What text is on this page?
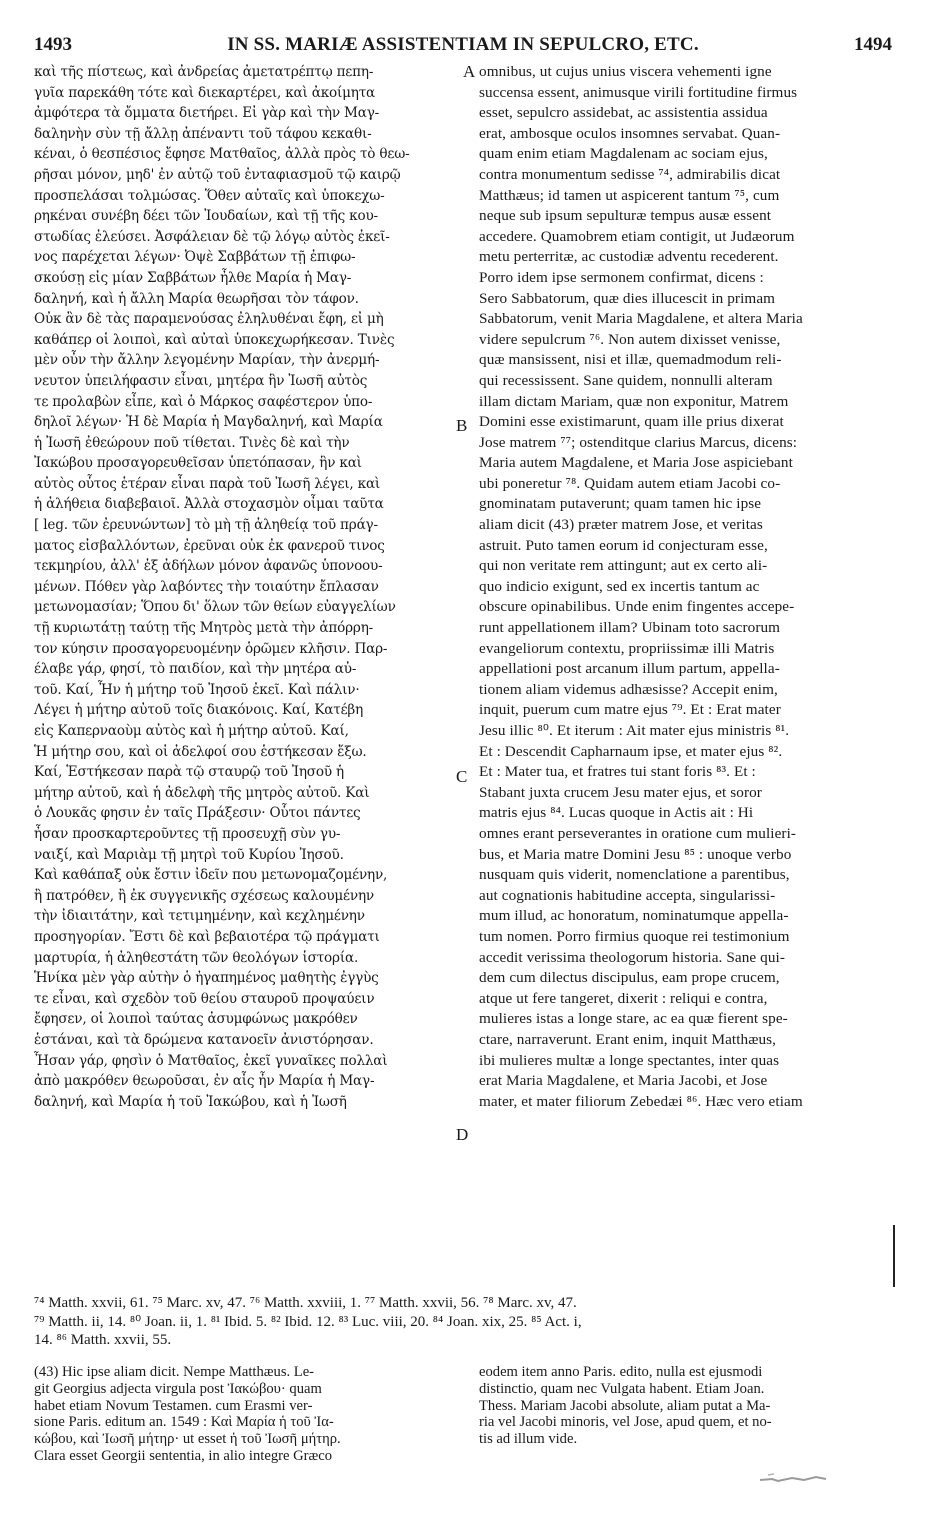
1493	IN SS. MARIÆ ASSISTENTIAM IN SEPULCRO, ETC.	1494
καὶ τῆς πίστεως, καὶ ἀνδρείας ἀμετατρέπτῳ πεπη-
γυῖα παρεκάθη τότε καὶ διεκαρτέρει, καὶ ἀκοίμητα
ἀμφότερα τὰ ὄμματα διετήρει. Εἰ γὰρ καὶ τὴν Μαγ-
δαληνὴν σὺν τῇ ἄλλῃ ἀπέναντι τοῦ τάφου κεκαθι-
κέναι, ὁ θεσπέσιος ἔφησε Ματθαῖος, ἀλλὰ πρὸς τὸ θεω-
ρῆσαι μόνον, μηδ' ἐν αὐτῷ τοῦ ἐνταφιασμοῦ τῷ καιρῷ
προσπελάσαι τολμώσας. Ὅθεν αὐταῖς καὶ ὑποκεχω-
ρηκέναι συνέβη δέει τῶν Ἰουδαίων, καὶ τῇ τῆς κου-
στωδίας ἐλεύσει. Ἀσφάλειαν δὲ τῷ λόγῳ αὐτὸς ἐκεῖ-
νος παρέχεται λέγων· Ὀψὲ Σαββάτων τῇ ἐπιφω-
σκούσῃ εἰς μίαν Σαββάτων ἦλθε Μαρία ἡ Μαγ-
δαληνή, καὶ ἡ ἄλλη Μαρία θεωρῆσαι τὸν τάφον.
Οὐκ ἂν δὲ τὰς παραμενούσας ἐληλυθέναι ἔφη, εἰ μὴ
καθάπερ οἱ λοιποὶ, καὶ αὐταὶ ὑποκεχωρήκεσαν. Τινὲς
μὲν οὖν τὴν ἄλλην λεγομένην Μαρίαν, τὴν ἀνερμή-
νευτον ὑπειλήφασιν εἶναι, μητέρα ἣν Ἰωσῆ αὐτὸς
τε προλαβὼν εἶπε, καὶ ὁ Μάρκος σαφέστερον ὑπο-
δηλοῖ λέγων· Ἡ δὲ Μαρία ἡ Μαγδαληνή, καὶ Μαρία
ἡ Ἰωσῆ ἐθεώρουν ποῦ τίθεται. Τινὲς δὲ καὶ τὴν
Ἰακώβου προσαγορευθεῖσαν ὑπετόπασαν, ἣν καὶ
αὐτὸς οὗτος ἑτέραν εἶναι παρὰ τοῦ Ἰωσῆ λέγει, καὶ
ἡ ἀλήθεια διαβεβαιοῖ. Ἀλλὰ στοχασμὸν οἶμαι ταῦτα
[ leg. τῶν ἐρευνώντων] τὸ μὴ τῇ ἀληθείᾳ τοῦ πράγ-
ματος εἰσβαλλόντων, ἐρεῦναι οὐκ ἐκ φανεροῦ τινος
τεκμηρίου, ἀλλ' ἐξ ἀδήλων μόνον ἀφανῶς ὑπονοου-
μένων. Πόθεν γὰρ λαβόντες τὴν τοιαύτην ἔπλασαν
μετωνομασίαν; Ὅπου δι' ὅλων τῶν θείων εὐαγγελίων
τῇ κυριωτάτῃ ταύτῃ τῆς Μητρὸς μετὰ τὴν ἀπόρρη-
τον κύησιν προσαγορευομένην ὁρῶμεν κλῆσιν. Παρ-
έλαβε γάρ, φησί, τὸ παιδίον, καὶ τὴν μητέρα αὐ-
τοῦ. Καί, Ἦν ἡ μήτηρ τοῦ Ἰησοῦ ἐκεῖ. Καὶ πάλιν·
Λέγει ἡ μήτηρ αὐτοῦ τοῖς διακόνοις. Καί, Κατέβη
εἰς Καπερναοὺμ αὐτὸς καὶ ἡ μήτηρ αὐτοῦ. Καί,
Ἡ μήτηρ σου, καὶ οἱ ἀδελφοί σου ἑστήκεσαν ἔξω.
Καί, Ἑστήκεσαν παρὰ τῷ σταυρῷ τοῦ Ἰησοῦ ἡ
μήτηρ αὐτοῦ, καὶ ἡ ἀδελφὴ τῆς μητρὸς αὐτοῦ. Καὶ
ὁ Λουκᾶς φησιν ἐν ταῖς Πράξεσιν· Οὗτοι πάντες
ἦσαν προσκαρτεροῦντες τῇ προσευχῇ σὺν γυ-
ναιξί, καὶ Μαριὰμ τῇ μητρὶ τοῦ Κυρίου Ἰησοῦ.
Καὶ καθάπαξ οὐκ ἔστιν ἰδεῖν που μετωνομαζομένην,
ἢ πατρόθεν, ἢ ἐκ συγγενικῆς σχέσεως καλουμένην
τὴν ἰδιαιτάτην, καὶ τετιμημένην, καὶ κεχλημένην
προσηγορίαν. Ἔστι δὲ καὶ βεβαιοτέρα τῷ πράγματι
μαρτυρία, ἡ ἀληθεστάτη τῶν θεολόγων ἱστορία.
Ἡνίκα μὲν γὰρ αὐτὴν ὁ ἠγαπημένος μαθητὴς ἐγγὺς
τε εἶναι, καὶ σχεδὸν τοῦ θείου σταυροῦ προψαύειν
ἔφησεν, οἱ λοιποὶ ταύτας ἀσυμφώνως μακρόθεν
ἑστάναι, καὶ τὰ δρώμενα κατανοεῖν ἀνιστόρησαν.
Ἦσαν γάρ, φησὶν ὁ Ματθαῖος, ἐκεῖ γυναῖκες πολλαὶ
ἀπὸ μακρόθεν θεωροῦσαι, ἐν αἷς ἦν Μαρία ἡ Μαγ-
δαληνή, καὶ Μαρία ἡ τοῦ Ἰακώβου, καὶ ἡ Ἰωσῆ
omnibus, ut cujus unius viscera vehementi igne
succensa essent, animusque virili fortitudine firmus
esset, sepulcro assidebat, ac assistentia assidua
erat, ambosque oculos insomnes servabat. Quan-
quam enim etiam Magdalenam ac sociam ejus,
contra monumentum sedisse ⁷⁴, admirabilis dicat
Matthæus; id tamen ut aspicerent tantum ⁷⁵, cum
neque sub ipsum sepulturæ tempus ausæ essent
accedere. Quamobrem etiam contigit, ut Judæorum
metu perterritæ, ac custodiæ adventu recederent.
Porro idem ipse sermonem confirmat, dicens :
Sero Sabbatorum, quæ dies illucescit in primam
Sabbatorum, venit Maria Magdalene, et altera Maria
videre sepulcrum ⁷⁶. Non autem dixisset venisse,
quæ mansissent, nisi et illæ, quemadmodum reli-
qui recessissent. Sane quidem, nonnulli alteram
illam dictam Mariam, quæ non exponitur, Matrem
Domini esse existimarunt, quam ille prius dixerat
Jose matrem ⁷⁷; ostenditque clarius Marcus, dicens:
Maria autem Magdalene, et Maria Jose aspiciebant
ubi poneretur ⁷⁸. Quidam autem etiam Jacobi co-
gnominatam putaverunt; quam tamen hic ipse
aliam dicit (43) præter matrem Jose, et veritas
astruit. Puto tamen eorum id conjecturam esse,
qui non veritate rem attingunt; aut ex certo ali-
quo indicio exigunt, sed ex incertis tantum ac
obscure opinabilibus. Unde enim fingentes accepe-
runt appellationem illam? Ubinam toto sacrorum
evangeliorum contextu, propriissimæ illi Matris
appellationi post arcanum illum partum, appella-
tionem aliam videmus adhæsisse? Accepit enim,
inquit, puerum cum matre ejus ⁷⁹. Et : Erat mater
Jesu illic ⁸⁰. Et iterum : Ait mater ejus ministris ⁸¹.
Et : Descendit Capharnaum ipse, et mater ejus ⁸².
Et : Mater tua, et fratres tui stant foris ⁸³. Et :
Stabant juxta crucem Jesu mater ejus, et soror
matris ejus ⁸⁴. Lucas quoque in Actis ait : Hi
omnes erant perseverantes in oratione cum mulieri-
bus, et Maria matre Domini Jesu ⁸⁵ : unoque verbo
nusquam quis viderit, nomenclatione a parentibus,
aut cognationis habitudine accepta, singularissi-
mum illud, ac honoratum, nominatumque appella-
tum nomen. Porro firmius quoque rei testimonium
accedit verissima theologorum historia. Sane qui-
dem cum dilectus discipulus, eam prope crucem,
atque ut fere tangeret, dixerit : reliqui e contra,
mulieres istas a longe stare, ac ea quæ fierent spe-
ctare, narraverunt. Erant enim, inquit Matthæus,
ibi mulieres multæ a longe spectantes, inter quas
erat Maria Magdalene, et Maria Jacobi, et Jose
mater, et mater filiorum Zebedæi ⁸⁶. Hæc vero etiam
A
B
C
D
⁷⁴ Matth. xxvii, 61. ⁷⁵ Marc. xv, 47. ⁷⁶ Matth. xxviii, 1. ⁷⁷ Matth. xxvii, 56. ⁷⁸ Marc. xv, 47.
⁷⁹ Matth. ii, 14. ⁸⁰ Joan. ii, 1. ⁸¹ Ibid. 5. ⁸² Ibid. 12. ⁸³ Luc. viii, 20. ⁸⁴ Joan. xix, 25. ⁸⁵ Act. i,
14. ⁸⁶ Matth. xxvii, 55.
(43) Hic ipse aliam dicit. Nempe Matthæus. Le-
git Georgius adjecta virgula post Ἰακώβου· quam
habet etiam Novum Testamen. cum Erasmi ver-
sione Paris. editum an. 1549 : Καὶ Μαρία ἡ τοῦ Ἰα-
κώβου, καὶ Ἰωσῆ μήτηρ· ut esset ἡ τοῦ Ἰωσῆ μήτηρ.
Clara esset Georgii sententia, in alio integre Græco
eodem item anno Paris. edito, nulla est ejusmodi
distinctio, quam nec Vulgata habent. Etiam Joan.
Thess. Mariam Jacobi absolute, aliam putat a Ma-
ria vel Jacobi minoris, vel Jose, apud quem, et no-
tis ad illum vide.
